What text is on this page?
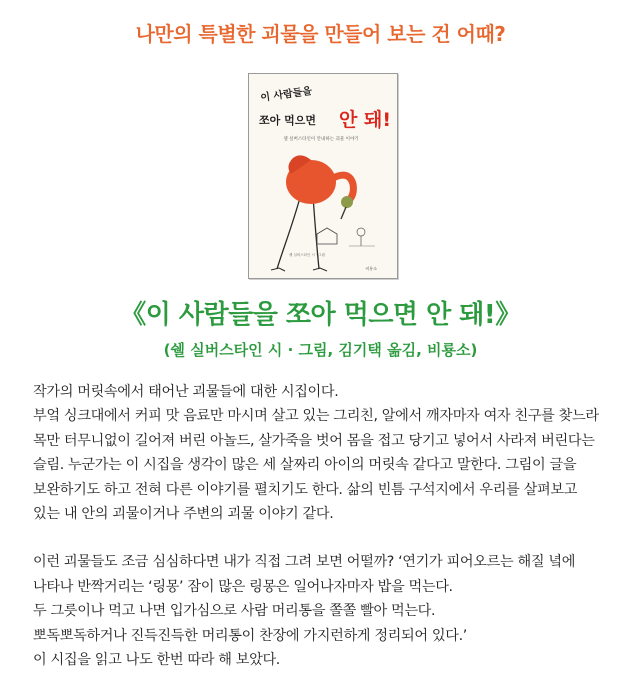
나만의 특별한 괴물을 만들어 보는 건 어때?
이 사람들을
쪼아 먹으면 안 돼!
셸 실버스타인이 안내하는 괴물 이야기
비룡소
셸 실버스타인 시 · 그림
《이 사람들을 쪼아 먹으면 안 돼!》
(쉘 실버스타인 시 · 그림, 김기택 옮김, 비룡소)

작가의 머릿속에서 태어난 괴물들에 대한 시집이다.

부엌 싱크대에서 커피 맛 음료만 마시며 살고 있는 그리친, 알에서 깨자마자 여자 친구를 찾느라

목만 터무니없이 길어져 버린 아놀드, 살가죽을 벗어 몸을 접고 당기고 넣어서 사라져 버린다는

슬림. 누군가는 이 시집을 생각이 많은 세 살짜리 아이의 머릿속 같다고 말한다. 그림이 글을

보완하기도 하고 전혀 다른 이야기를 펼치기도 한다. 삶의 빈틈 구석지에서 우리를 살펴보고

있는 내 안의 괴물이거나 주변의 괴물 이야기 같다.

이런 괴물들도 조금 심심하다면 내가 직접 그려 보면 어떨까? ‘연기가 피어오르는 해질 녘에

나타나 반짝거리는 ‘링몽’ 잠이 많은 링몽은 일어나자마자 밥을 먹는다.

두 그릇이나 먹고 나면 입가심으로 사람 머리통을 쫄쫄 빨아 먹는다.

뽀독뽀독하거나 진득진득한 머리통이 찬장에 가지런하게 정리되어 있다.’

이 시집을 읽고 나도 한번 따라 해 보았다.
